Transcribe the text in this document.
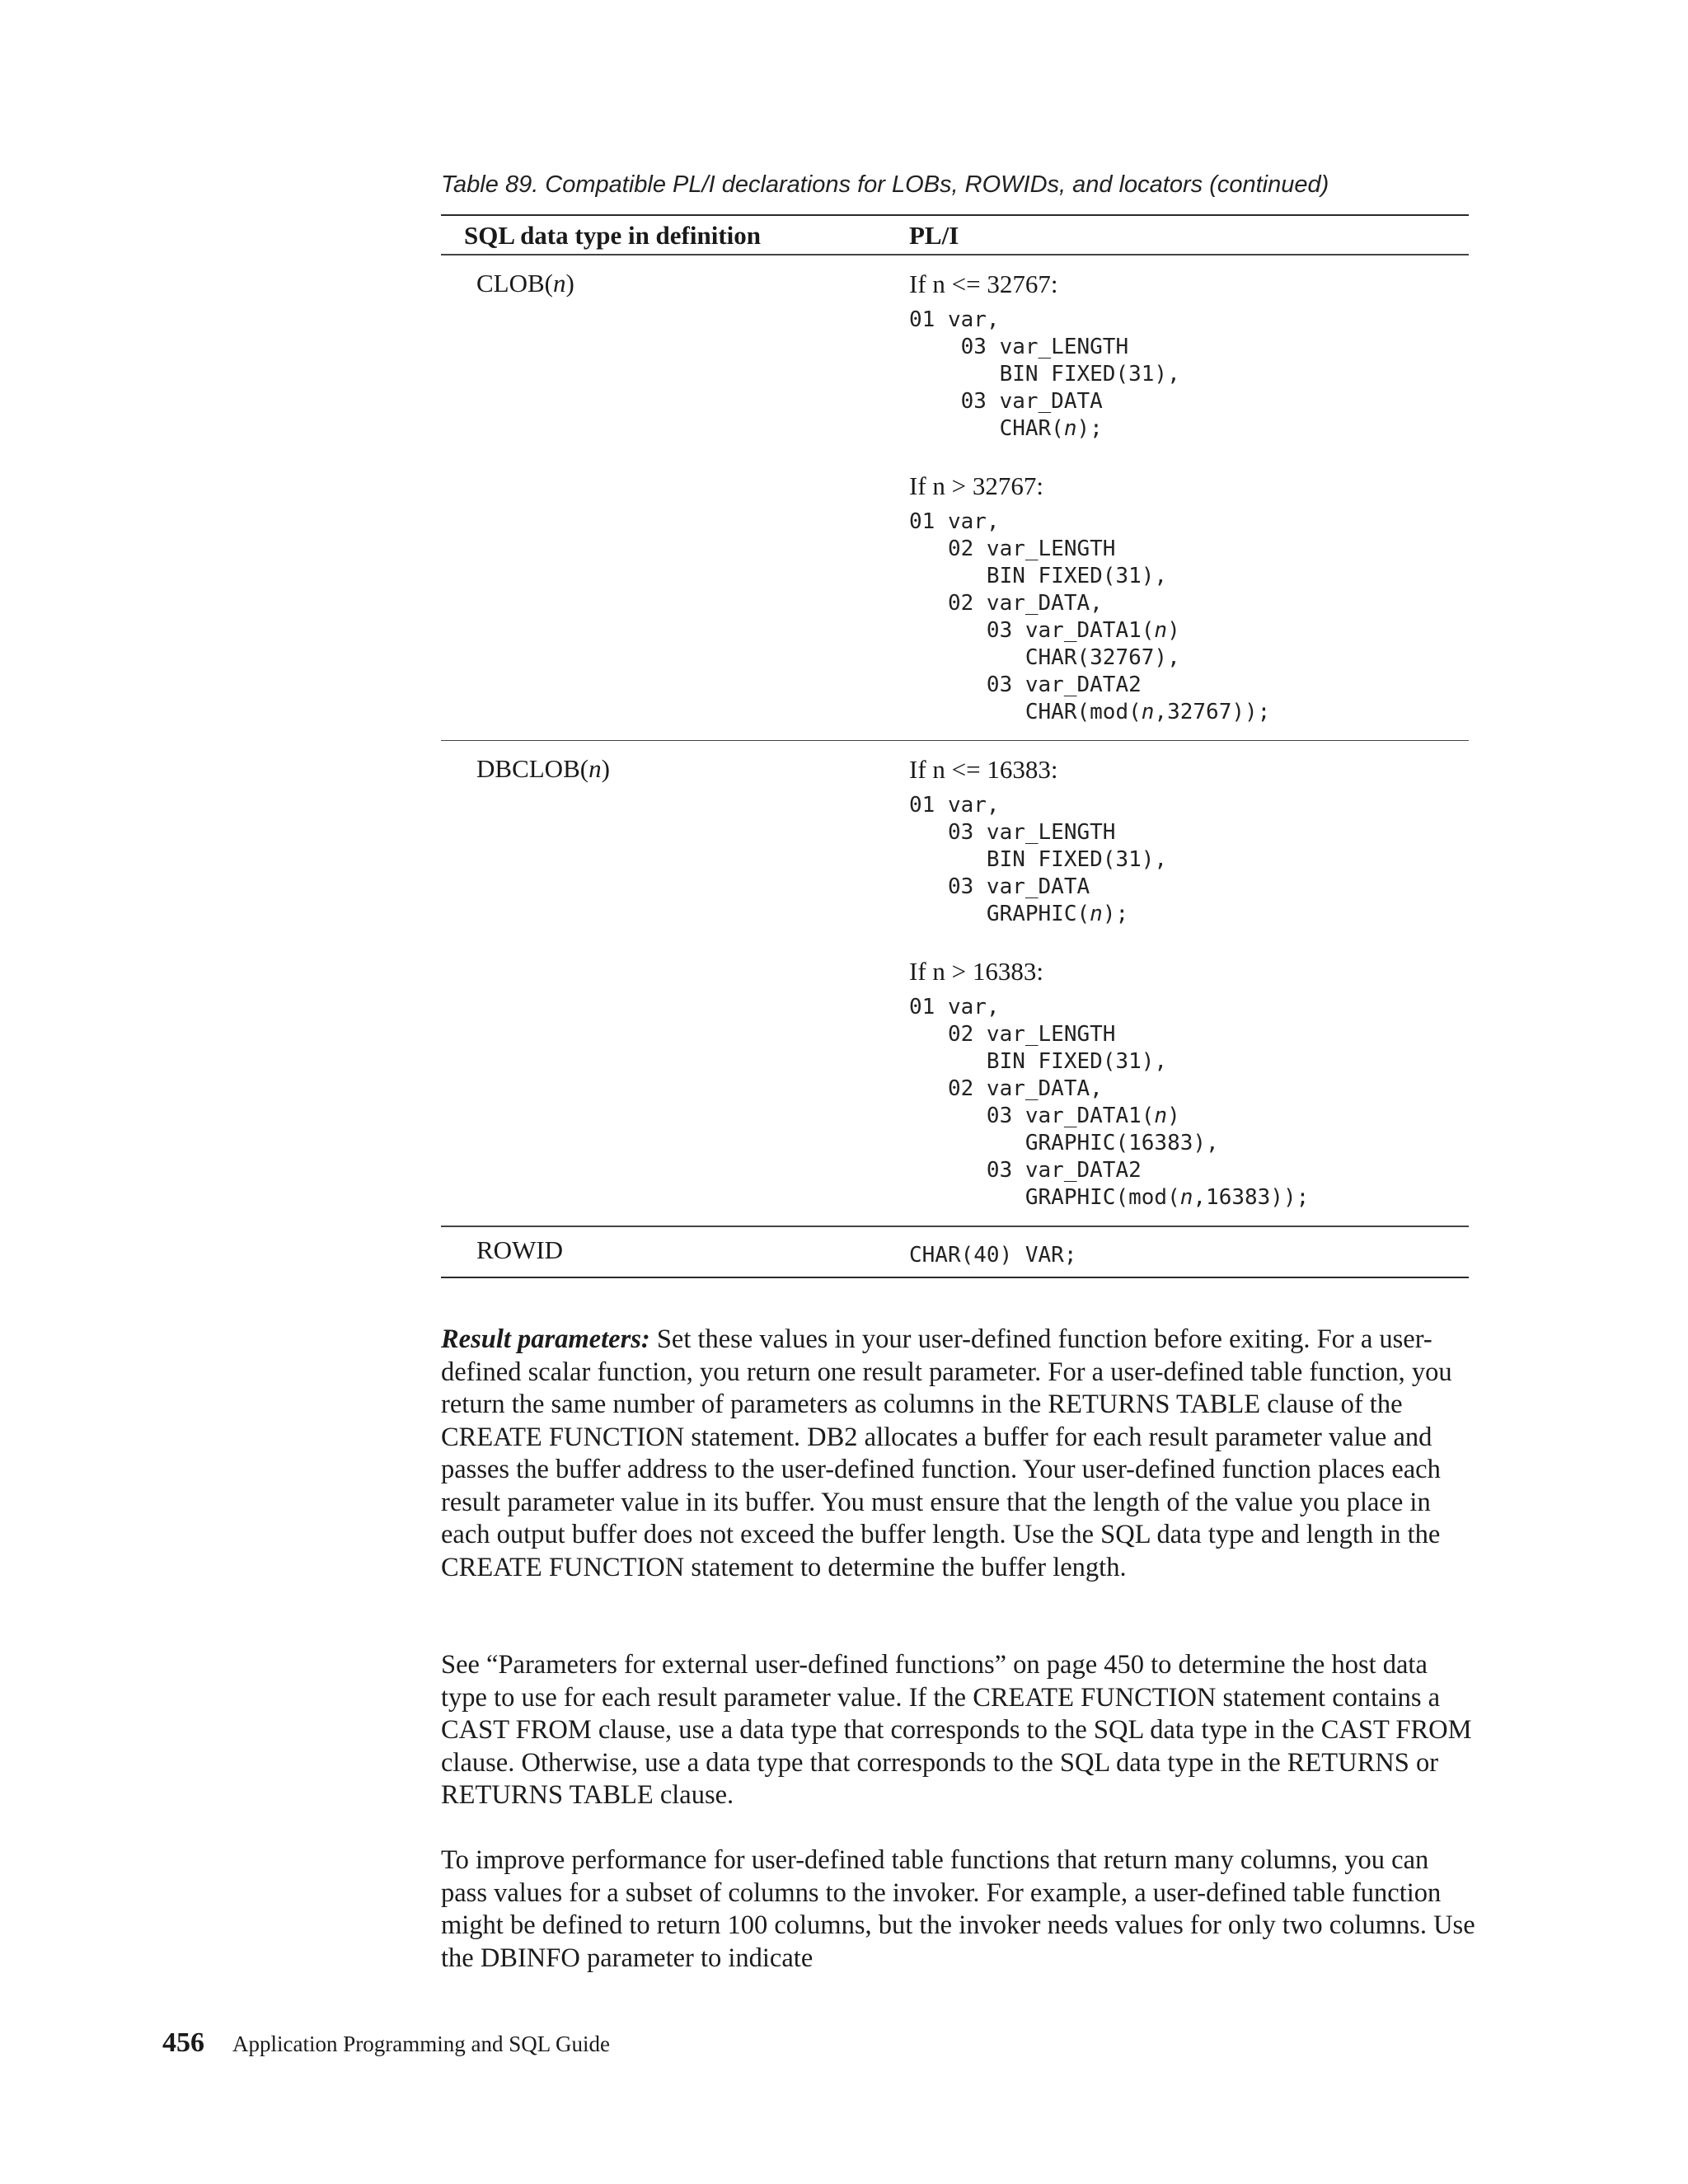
Table 89. Compatible PL/I declarations for LOBs, ROWIDs, and locators (continued)
SQL data type in definition	PL/I
CLOB(n)	If n <= 32767:
01 var,
03 var_LENGTH
BIN FIXED(31),
03 var_DATA
CHAR(n);
If n > 32767:
01 var,
02 var_LENGTH
BIN FIXED(31),
02 var_DATA,
03 var_DATA1(n)
CHAR(32767),
03 var_DATA2
CHAR(mod(n,32767));
DBCLOB(n)	If n <= 16383:
01 var,
03 var_LENGTH
BIN FIXED(31),
03 var_DATA
GRAPHIC(n);
If n > 16383:
01 var,
02 var_LENGTH
BIN FIXED(31),
02 var_DATA,
03 var_DATA1(n)
GRAPHIC(16383),
03 var_DATA2
GRAPHIC(mod(n,16383));
ROWID	CHAR(40) VAR;
Result parameters: Set these values in your user-defined function before exiting. For a user-defined scalar function, you return one result parameter. For a user-defined table function, you return the same number of parameters as columns in the RETURNS TABLE clause of the CREATE FUNCTION statement. DB2 allocates a buffer for each result parameter value and passes the buffer address to the user-defined function. Your user-defined function places each result parameter value in its buffer. You must ensure that the length of the value you place in each output buffer does not exceed the buffer length. Use the SQL data type and length in the CREATE FUNCTION statement to determine the buffer length.
See “Parameters for external user-defined functions” on page 450 to determine the host data type to use for each result parameter value. If the CREATE FUNCTION statement contains a CAST FROM clause, use a data type that corresponds to the SQL data type in the CAST FROM clause. Otherwise, use a data type that corresponds to the SQL data type in the RETURNS or RETURNS TABLE clause.
To improve performance for user-defined table functions that return many columns, you can pass values for a subset of columns to the invoker. For example, a user-defined table function might be defined to return 100 columns, but the invoker needs values for only two columns. Use the DBINFO parameter to indicate
456 Application Programming and SQL Guide
